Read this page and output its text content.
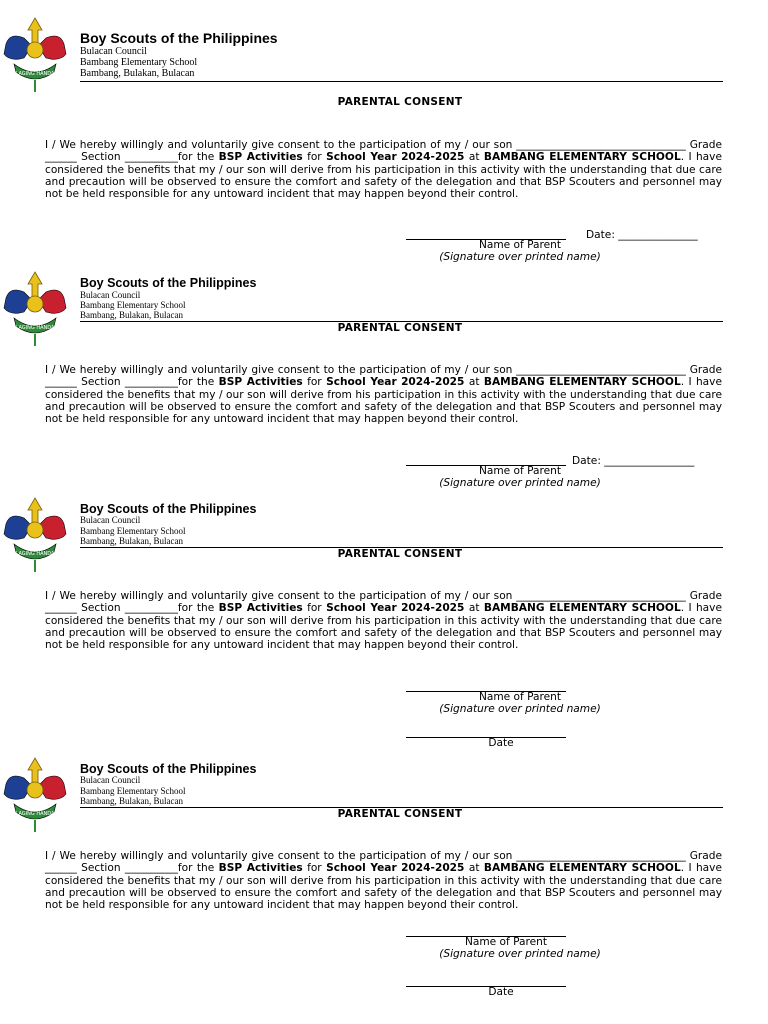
LAGING HANDA
Boy Scouts of the Philippines
Bulacan Council
Bambang Elementary School
Bambang, Bulakan, Bulacan
PARENTAL CONSENT
I / We hereby willingly and voluntarily give consent to the participation of my / our son ________________________________ Grade ______ Section __________for the BSP Activities for School Year 2024-2025 at BAMBANG ELEMENTARY SCHOOL. I have considered the benefits that my / our son will derive from his participation in this activity with the understanding that due care and precaution will be observed to ensure the comfort and safety of the delegation and that BSP Scouters and personnel may not be held responsible for any untoward incident that may happen beyond their control.
Date: _______________
Name of Parent
(Signature over printed name)
LAGING HANDA
Boy Scouts of the Philippines
Bulacan Council
Bambang Elementary School
Bambang, Bulakan, Bulacan
PARENTAL CONSENT
I / We hereby willingly and voluntarily give consent to the participation of my / our son ________________________________ Grade ______ Section __________for the BSP Activities for School Year 2024-2025 at BAMBANG ELEMENTARY SCHOOL. I have considered the benefits that my / our son will derive from his participation in this activity with the understanding that due care and precaution will be observed to ensure the comfort and safety of the delegation and that BSP Scouters and personnel may not be held responsible for any untoward incident that may happen beyond their control.
Date: _________________
Name of Parent
(Signature over printed name)
LAGING HANDA
Boy Scouts of the Philippines
Bulacan Council
Bambang Elementary School
Bambang, Bulakan, Bulacan
PARENTAL CONSENT
I / We hereby willingly and voluntarily give consent to the participation of my / our son ________________________________ Grade ______ Section __________for the BSP Activities for School Year 2024-2025 at BAMBANG ELEMENTARY SCHOOL. I have considered the benefits that my / our son will derive from his participation in this activity with the understanding that due care and precaution will be observed to ensure the comfort and safety of the delegation and that BSP Scouters and personnel may not be held responsible for any untoward incident that may happen beyond their control.
Name of Parent
(Signature over printed name)
Date
LAGING HANDA
Boy Scouts of the Philippines
Bulacan Council
Bambang Elementary School
Bambang, Bulakan, Bulacan
PARENTAL CONSENT
I / We hereby willingly and voluntarily give consent to the participation of my / our son ________________________________ Grade ______ Section __________for the BSP Activities for School Year 2024-2025 at BAMBANG ELEMENTARY SCHOOL. I have considered the benefits that my / our son will derive from his participation in this activity with the understanding that due care and precaution will be observed to ensure the comfort and safety of the delegation and that BSP Scouters and personnel may not be held responsible for any untoward incident that may happen beyond their control.
Name of Parent
(Signature over printed name)
Date
